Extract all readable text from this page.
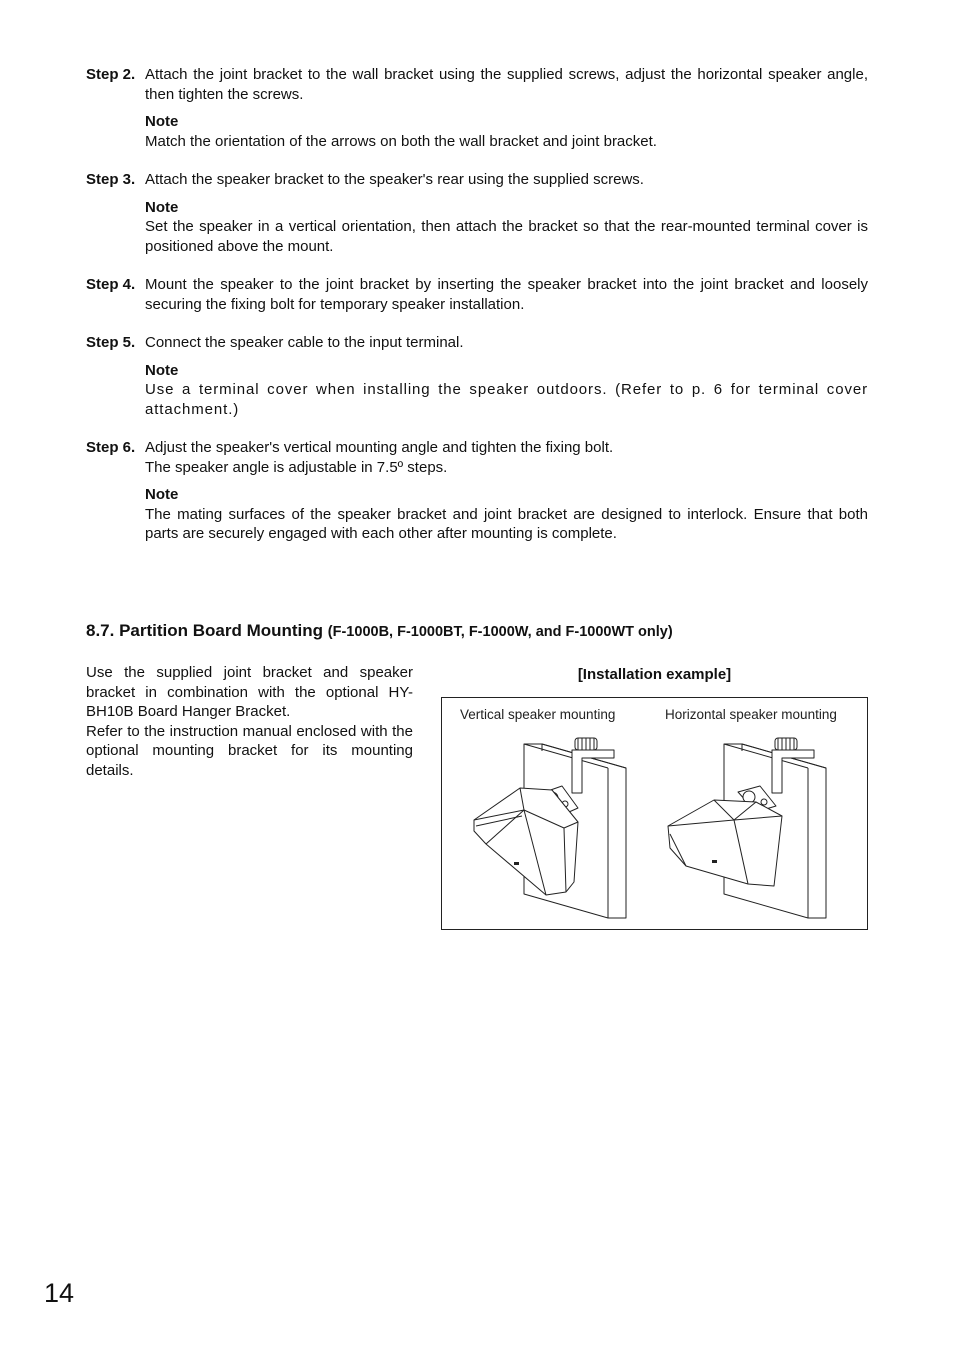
Step 2. Attach the joint bracket to the wall bracket using the supplied screws, adjust the horizontal speaker angle, then tighten the screws.
Note
Match the orientation of the arrows on both the wall bracket and joint bracket.
Step 3. Attach the speaker bracket to the speaker's rear using the supplied screws.
Note
Set the speaker in a vertical orientation, then attach the bracket so that the rear-mounted terminal cover is positioned above the mount.
Step 4. Mount the speaker to the joint bracket by inserting the speaker bracket into the joint bracket and loosely securing the fixing bolt for temporary speaker installation.
Step 5. Connect the speaker cable to the input terminal.
Note
Use a terminal cover when installing the speaker outdoors. (Refer to p. 6 for terminal cover attachment.)
Step 6. Adjust the speaker's vertical mounting angle and tighten the fixing bolt.
The speaker angle is adjustable in 7.5º steps.
Note
The mating surfaces of the speaker bracket and joint bracket are designed to interlock. Ensure that both parts are securely engaged with each other after mounting is complete.
8.7. Partition Board Mounting (F-1000B, F-1000BT, F-1000W, and F-1000WT only)
Use the supplied joint bracket and speaker bracket in combination with the optional HY-BH10B Board Hanger Bracket.
Refer to the instruction manual enclosed with the optional mounting bracket for its mounting details.
[Installation example]
Vertical speaker mounting	Horizontal speaker mounting
14
